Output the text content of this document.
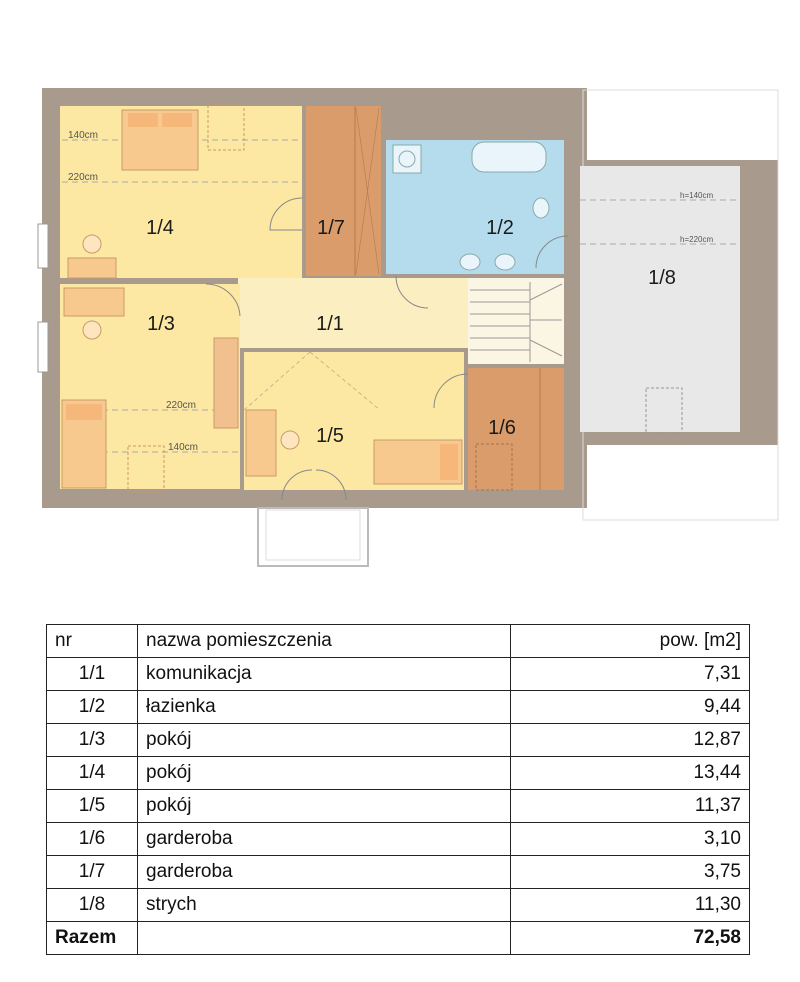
1/4	1/7	1/2
1/8
1/3	1/1
1/5	1/6
140cm
220cm
220cm
140cm
h=140cm
h=220cm
nr	nazwa pomieszczenia	pow. [m2]
1/1	komunikacja	7,31
1/2	łazienka	9,44
1/3	pokój	12,87
1/4	pokój	13,44
1/5	pokój	11,37
1/6	garderoba	3,10
1/7	garderoba	3,75
1/8	strych	11,30
Razem		72,58
